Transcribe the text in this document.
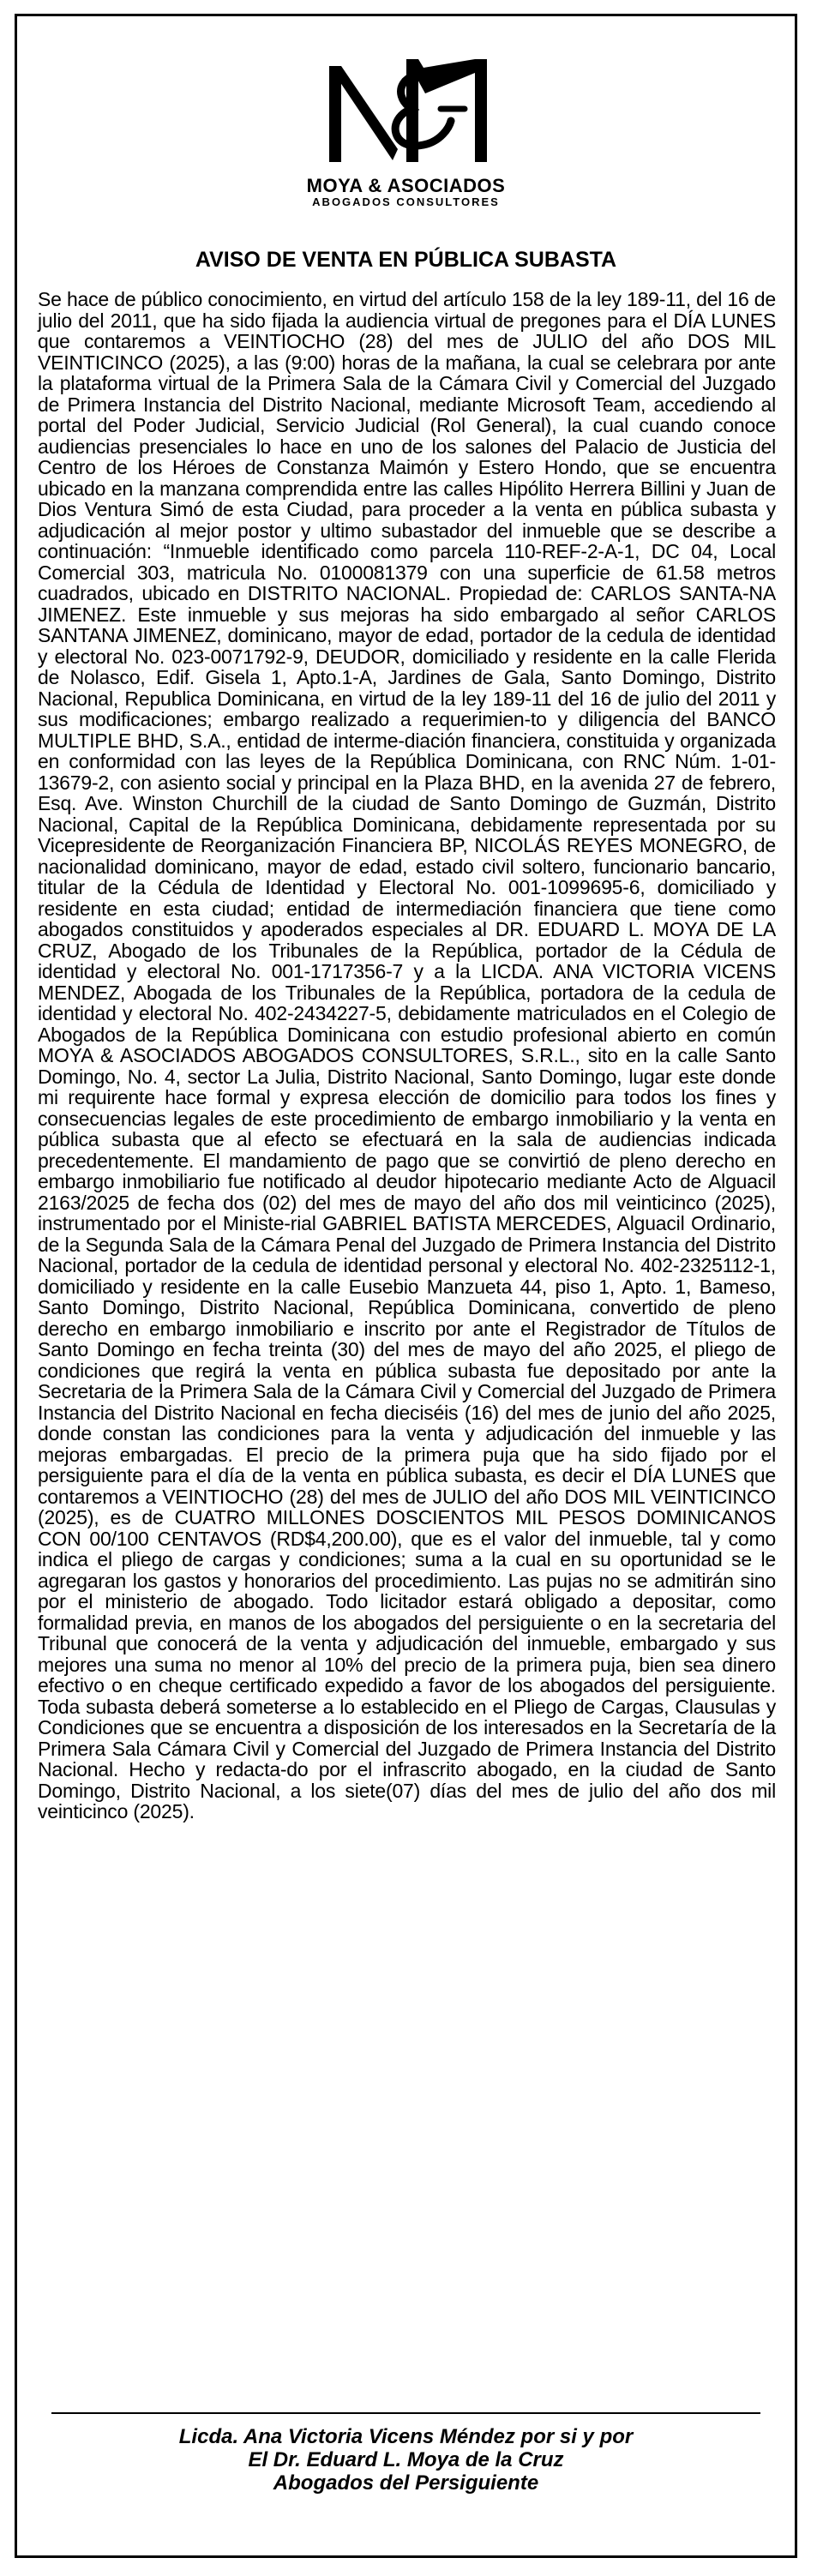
MOYA & ASOCIADOS
ABOGADOS CONSULTORES
AVISO DE VENTA EN PÚBLICA SUBASTA

Se hace de público conocimiento, en virtud del artículo 158 de la ley 189-11, del 16 de julio del 2011, que ha sido fijada la audiencia virtual de pregones para el DÍA LUNES que contaremos a VEINTIOCHO (28) del mes de JULIO del año DOS MIL VEINTICINCO (2025), a las (9:00) horas de la mañana, la cual se celebrara por ante la plataforma virtual de la Primera Sala de la Cámara Civil y Comercial del Juzgado de Primera Instancia del Distrito Nacional, mediante Microsoft Team, accediendo al portal del Poder Judicial, Servicio Judicial (Rol General), la cual cuando conoce audiencias presenciales lo hace en uno de los salones del Palacio de Justicia del Centro de los Héroes de Constanza Maimón y Estero Hondo, que se encuentra ubicado en la manzana comprendida entre las calles Hipólito Herrera Billini y Juan de Dios Ventura Simó de esta Ciudad, para proceder a la venta en pública subasta y adjudicación al mejor postor y ultimo subastador del inmueble que se describe a continuación: “Inmueble identificado como parcela 110-REF-2-A-1, DC 04, Local Comercial 303, matricula No. 0100081379 con una superficie de 61.58 metros cuadrados, ubicado en DISTRITO NACIONAL. Propiedad de: CARLOS SANTA-NA JIMENEZ. Este inmueble y sus mejoras ha sido embargado al señor CARLOS SANTANA JIMENEZ, dominicano, mayor de edad, portador de la cedula de identidad y electoral No. 023-0071792-9, DEUDOR, domiciliado y residente en la calle Flerida de Nolasco, Edif. Gisela 1, Apto.1-A, Jardines de Gala, Santo Domingo, Distrito Nacional, Republica Dominicana, en virtud de la ley 189-11 del 16 de julio del 2011 y sus modificaciones; embargo realizado a requerimien-to y diligencia del BANCO MULTIPLE BHD, S.A., entidad de interme-diación financiera, constituida y organizada en conformidad con las leyes de la República Dominicana, con RNC Núm. 1-01-13679-2, con asiento social y principal en la Plaza BHD, en la avenida 27 de febrero, Esq. Ave. Winston Churchill de la ciudad de Santo Domingo de Guzmán, Distrito Nacional, Capital de la República Dominicana, debidamente representada por su Vicepresidente de Reorganización Financiera BP, NICOLÁS REYES MONEGRO, de nacionalidad dominicano, mayor de edad, estado civil soltero, funcionario bancario, titular de la Cédula de Identidad y Electoral No. 001-1099695-6, domiciliado y residente en esta ciudad; entidad de intermediación financiera que tiene como abogados constituidos y apoderados especiales al DR. EDUARD L. MOYA DE LA CRUZ, Abogado de los Tribunales de la República, portador de la Cédula de identidad y electoral No. 001-1717356-7 y a la LICDA. ANA VICTORIA VICENS MENDEZ, Abogada de los Tribunales de la República, portadora de la cedula de identidad y electoral No. 402-2434227-5, debidamente matriculados en el Colegio de Abogados de la República Dominicana con estudio profesional abierto en común MOYA & ASOCIADOS ABOGADOS CONSULTORES, S.R.L., sito en la calle Santo Domingo, No. 4, sector La Julia, Distrito Nacional, Santo Domingo, lugar este donde mi requirente hace formal y expresa elección de domicilio para todos los fines y consecuencias legales de este procedimiento de embargo inmobiliario y la venta en pública subasta que al efecto se efectuará en la sala de audiencias indicada precedentemente. El mandamiento de pago que se convirtió de pleno derecho en embargo inmobiliario fue notificado al deudor hipotecario mediante Acto de Alguacil 2163/2025 de fecha dos (02) del mes de mayo del año dos mil veinticinco (2025), instrumentado por el Ministe-rial GABRIEL BATISTA MERCEDES, Alguacil Ordinario, de la Segunda Sala de la Cámara Penal del Juzgado de Primera Instancia del Distrito Nacional, portador de la cedula de identidad personal y electoral No. 402-2325112-1, domiciliado y residente en la calle Eusebio Manzueta 44, piso 1, Apto. 1, Bameso, Santo Domingo, Distrito Nacional, República Dominicana, convertido de pleno derecho en embargo inmobiliario e inscrito por ante el Registrador de Títulos de Santo Domingo en fecha treinta (30) del mes de mayo del año 2025, el pliego de condiciones que regirá la venta en pública subasta fue depositado por ante la Secretaria de la Primera Sala de la Cámara Civil y Comercial del Juzgado de Primera Instancia del Distrito Nacional en fecha dieciséis (16) del mes de junio del año 2025, donde constan las condiciones para la venta y adjudicación del inmueble y las mejoras embargadas. El precio de la primera puja que ha sido fijado por el persiguiente para el día de la venta en pública subasta, es decir el DÍA LUNES que contaremos a VEINTIOCHO (28) del mes de JULIO del año DOS MIL VEINTICINCO (2025), es de CUATRO MILLONES DOSCIENTOS MIL PESOS DOMINICANOS CON 00/100 CENTAVOS (RD$4,200.00), que es el valor del inmueble, tal y como indica el pliego de cargas y condiciones; suma a la cual en su oportunidad se le agregaran los gastos y honorarios del procedimiento. Las pujas no se admitirán sino por el ministerio de abogado. Todo licitador estará obligado a depositar, como formalidad previa, en manos de los abogados del persiguiente o en la secretaria del Tribunal que conocerá de la venta y adjudicación del inmueble, embargado y sus mejores una suma no menor al 10% del precio de la primera puja, bien sea dinero efectivo o en cheque certificado expedido a favor de los abogados del persiguiente. Toda subasta deberá someterse a lo establecido en el Pliego de Cargas, Clausulas y Condiciones que se encuentra a disposición de los interesados en la Secretaría de la Primera Sala Cámara Civil y Comercial del Juzgado de Primera Instancia del Distrito Nacional. Hecho y redacta-do por el infrascrito abogado, en la ciudad de Santo Domingo, Distrito Nacional, a los siete(07) días del mes de julio del año dos mil veinticinco (2025).

Licda. Ana Victoria Vicens Méndez por si y por
El Dr. Eduard L. Moya de la Cruz
Abogados del Persiguiente
